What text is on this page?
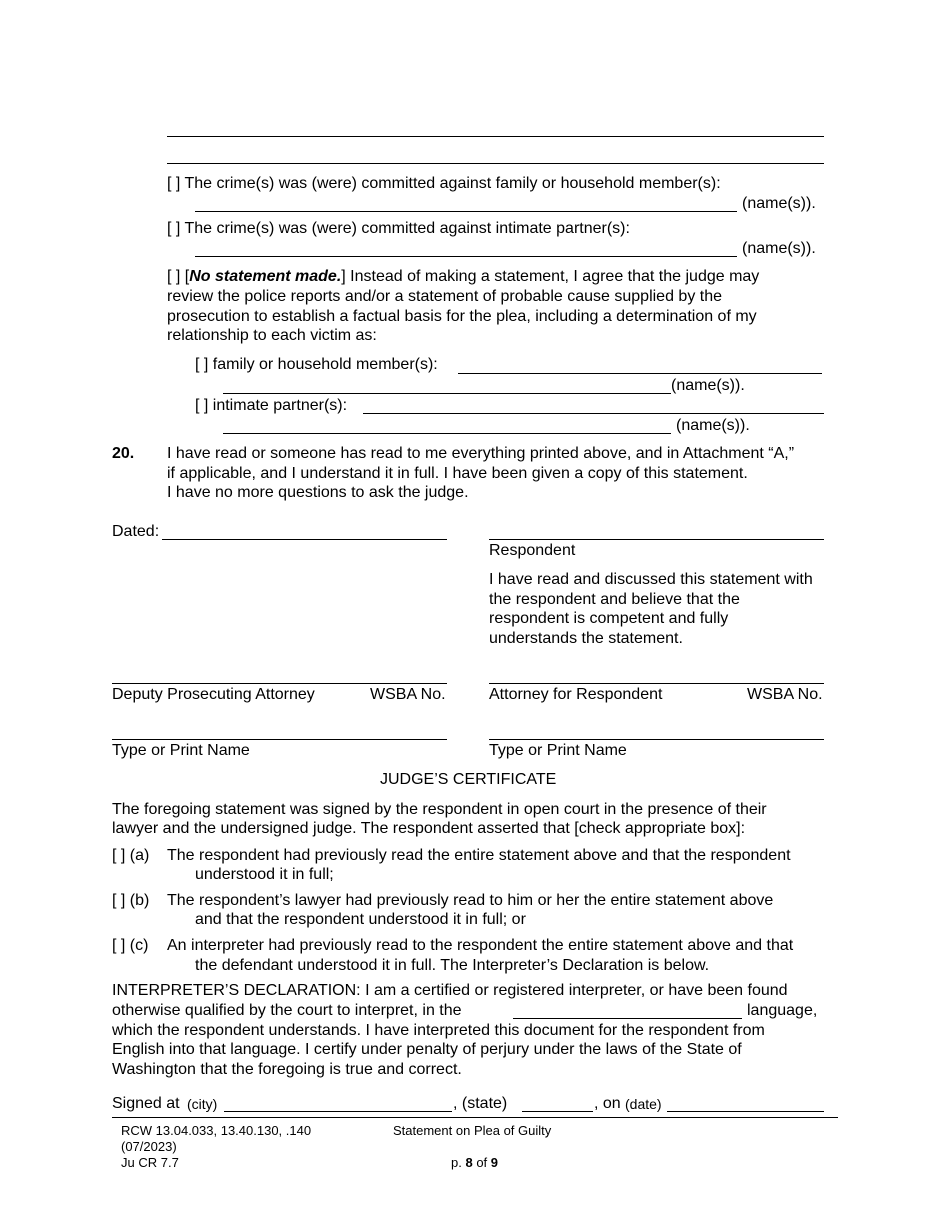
[ ] The crime(s) was (were) committed against family or household member(s):
(name(s)).
[ ] The crime(s) was (were) committed against intimate partner(s):
(name(s)).
[ ] [No statement made.] Instead of making a statement, I agree that the judge may
review the police reports and/or a statement of probable cause supplied by the
prosecution to establish a factual basis for the plea, including a determination of my
relationship to each victim as:
[ ] family or household member(s):
(name(s)).
[ ] intimate partner(s):
(name(s)).
20. I have read or someone has read to me everything printed above, and in Attachment “A,”
if applicable, and I understand it in full. I have been given a copy of this statement.
I have no more questions to ask the judge.
Dated:
Respondent
I have read and discussed this statement with
the respondent and believe that the
respondent is competent and fully
understands the statement.
Deputy Prosecuting Attorney	WSBA No.	Attorney for Respondent	WSBA No.
Type or Print Name	Type or Print Name
JUDGE’S CERTIFICATE
The foregoing statement was signed by the respondent in open court in the presence of their
lawyer and the undersigned judge. The respondent asserted that [check appropriate box]:
[ ] (a) The respondent had previously read the entire statement above and that the respondent
understood it in full;
[ ] (b) The respondent’s lawyer had previously read to him or her the entire statement above
and that the respondent understood it in full; or
[ ] (c) An interpreter had previously read to the respondent the entire statement above and that
the defendant understood it in full. The Interpreter’s Declaration is below.
INTERPRETER’S DECLARATION: I am a certified or registered interpreter, or have been found
otherwise qualified by the court to interpret, in the	language,
which the respondent understands. I have interpreted this document for the respondent from
English into that language. I certify under penalty of perjury under the laws of the State of
Washington that the foregoing is true and correct.
Signed at (city)	, (state)	, on (date)
RCW 13.04.033, 13.40.130, .140
(07/2023)
Ju CR 7.7
Statement on Plea of Guilty
p. 8 of 9
